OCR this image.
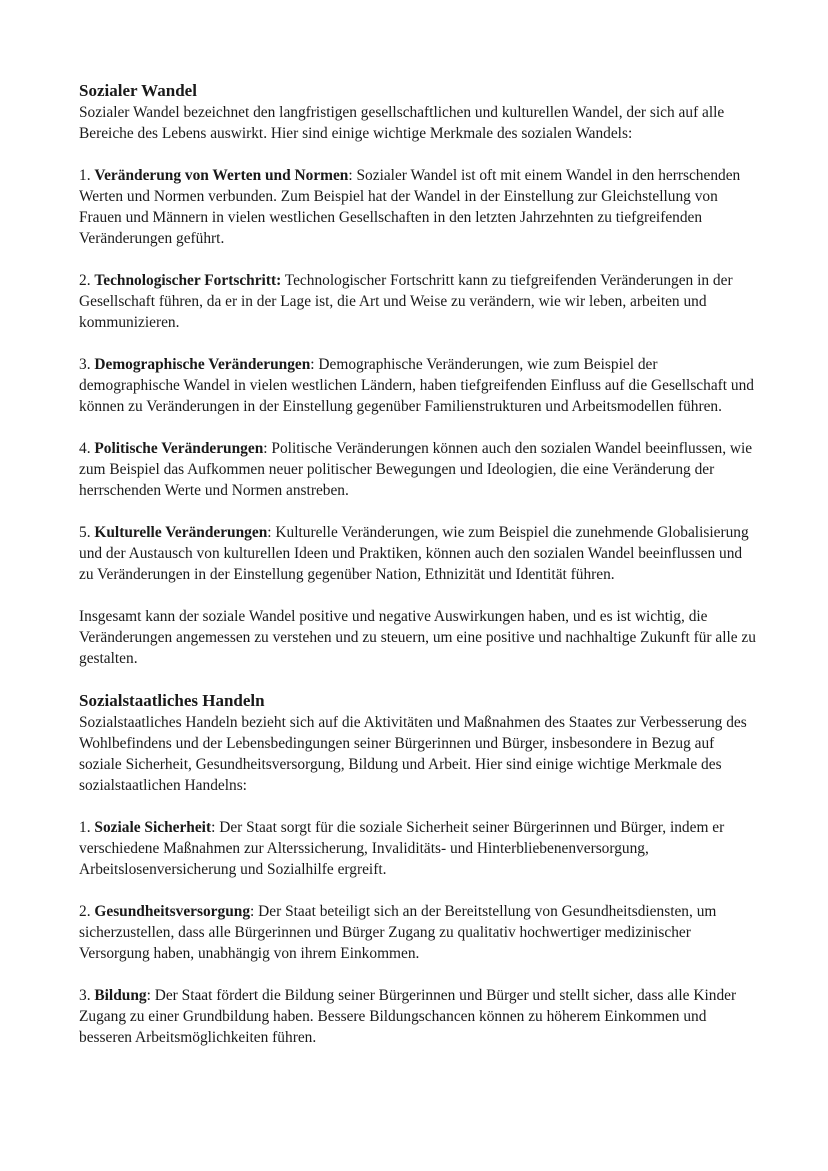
Sozialer Wandel

Sozialer Wandel bezeichnet den langfristigen gesellschaftlichen und kulturellen Wandel, der sich auf alle Bereiche des Lebens auswirkt. Hier sind einige wichtige Merkmale des sozialen Wandels:

1. Veränderung von Werten und Normen: Sozialer Wandel ist oft mit einem Wandel in den herrschenden Werten und Normen verbunden. Zum Beispiel hat der Wandel in der Einstellung zur Gleichstellung von Frauen und Männern in vielen westlichen Gesellschaften in den letzten Jahrzehnten zu tiefgreifenden Veränderungen geführt.

2. Technologischer Fortschritt: Technologischer Fortschritt kann zu tiefgreifenden Veränderungen in der Gesellschaft führen, da er in der Lage ist, die Art und Weise zu verändern, wie wir leben, arbeiten und kommunizieren.

3. Demographische Veränderungen: Demographische Veränderungen, wie zum Beispiel der demographische Wandel in vielen westlichen Ländern, haben tiefgreifenden Einfluss auf die Gesellschaft und können zu Veränderungen in der Einstellung gegenüber Familienstrukturen und Arbeitsmodellen führen.

4. Politische Veränderungen: Politische Veränderungen können auch den sozialen Wandel beeinflussen, wie zum Beispiel das Aufkommen neuer politischer Bewegungen und Ideologien, die eine Veränderung der herrschenden Werte und Normen anstreben.

5. Kulturelle Veränderungen: Kulturelle Veränderungen, wie zum Beispiel die zunehmende Globalisierung und der Austausch von kulturellen Ideen und Praktiken, können auch den sozialen Wandel beeinflussen und zu Veränderungen in der Einstellung gegenüber Nation, Ethnizität und Identität führen.

Insgesamt kann der soziale Wandel positive und negative Auswirkungen haben, und es ist wichtig, die Veränderungen angemessen zu verstehen und zu steuern, um eine positive und nachhaltige Zukunft für alle zu gestalten.

Sozialstaatliches Handeln

Sozialstaatliches Handeln bezieht sich auf die Aktivitäten und Maßnahmen des Staates zur Verbesserung des Wohlbefindens und der Lebensbedingungen seiner Bürgerinnen und Bürger, insbesondere in Bezug auf soziale Sicherheit, Gesundheitsversorgung, Bildung und Arbeit. Hier sind einige wichtige Merkmale des sozialstaatlichen Handelns:

1. Soziale Sicherheit: Der Staat sorgt für die soziale Sicherheit seiner Bürgerinnen und Bürger, indem er verschiedene Maßnahmen zur Alterssicherung, Invaliditäts- und Hinterbliebenenversorgung, Arbeitslosenversicherung und Sozialhilfe ergreift.

2. Gesundheitsversorgung: Der Staat beteiligt sich an der Bereitstellung von Gesundheitsdiensten, um sicherzustellen, dass alle Bürgerinnen und Bürger Zugang zu qualitativ hochwertiger medizinischer Versorgung haben, unabhängig von ihrem Einkommen.

3. Bildung: Der Staat fördert die Bildung seiner Bürgerinnen und Bürger und stellt sicher, dass alle Kinder Zugang zu einer Grundbildung haben. Bessere Bildungschancen können zu höherem Einkommen und besseren Arbeitsmöglichkeiten führen.
